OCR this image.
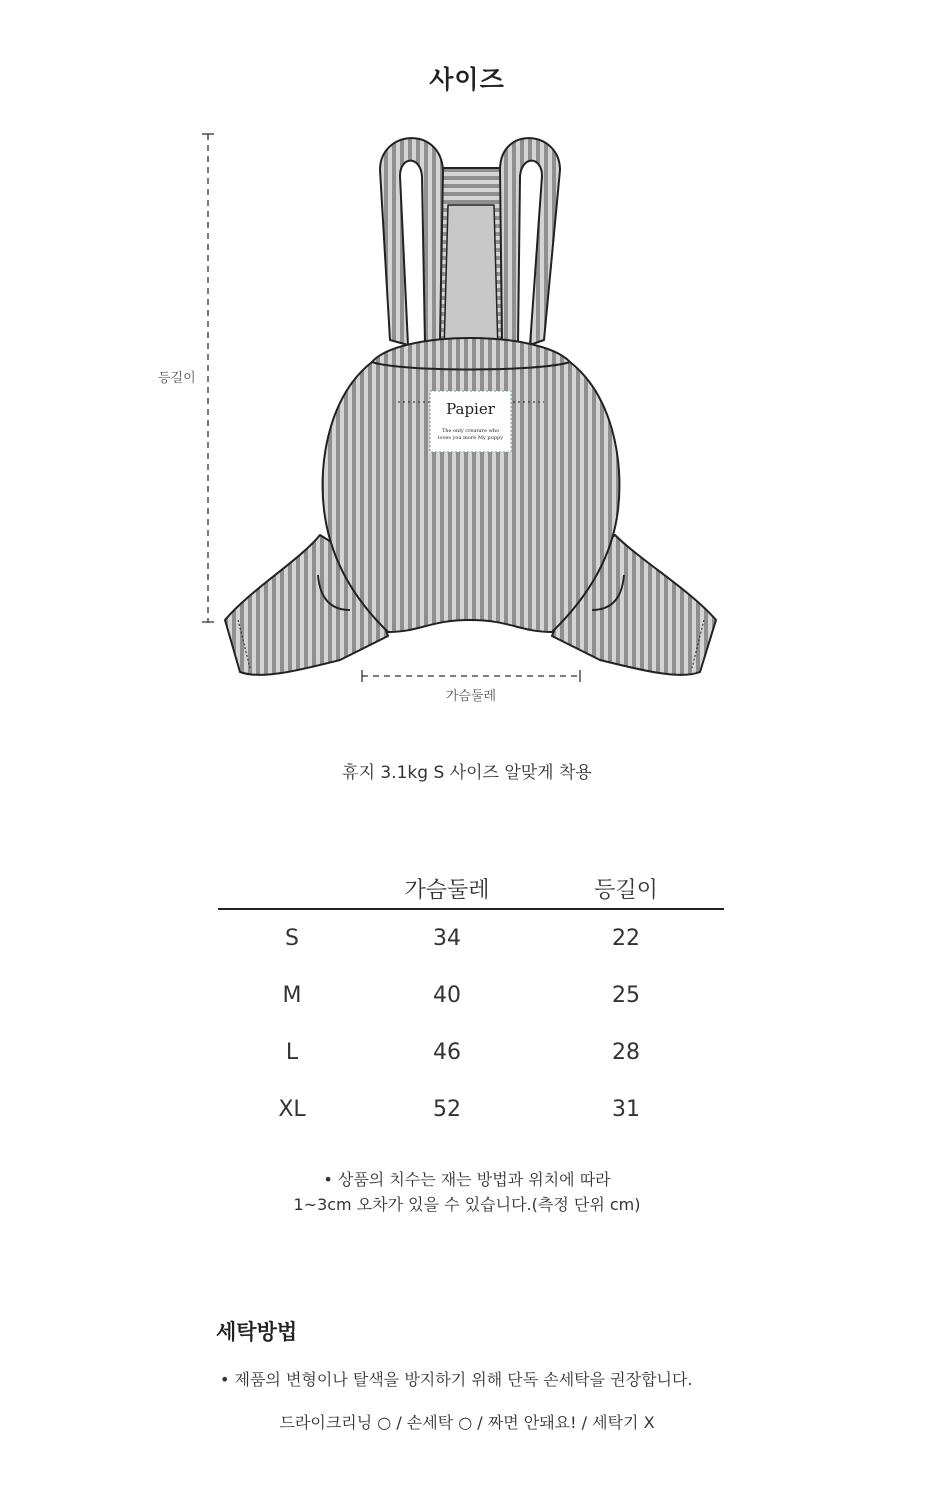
사이즈
등길이
가슴둘레
Papier
The only creature who
loves you more My puppy
휴지 3.1kg S 사이즈 알맞게 착용
	가슴둘레	등길이
S	34	22
M	40	25
L	46	28
XL	52	31
• 상품의 치수는 재는 방법과 위치에 따라
1~3cm 오차가 있을 수 있습니다.(측정 단위 cm)
세탁방법
• 제품의 변형이나 탈색을 방지하기 위해 단독 손세탁을 권장합니다.
드라이크리닝 ○ / 손세탁 ○ / 짜면 안돼요! / 세탁기 X
